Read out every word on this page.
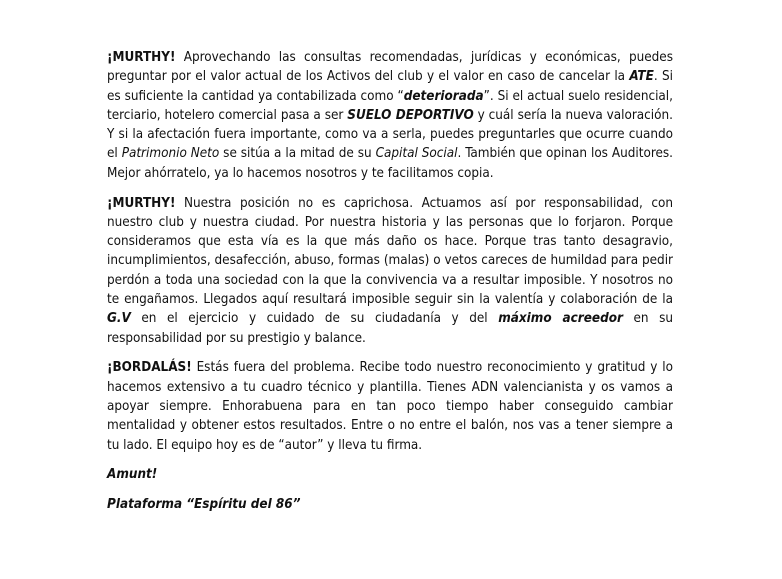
¡MURTHY! Aprovechando las consultas recomendadas, jurídicas y económicas, puedes preguntar por el valor actual de los Activos del club y el valor en caso de cancelar la ATE. Si es suficiente la cantidad ya contabilizada como “deteriorada”. Si el actual suelo residencial, terciario, hotelero comercial pasa a ser SUELO DEPORTIVO y cuál sería la nueva valoración. Y si la afectación fuera importante, como va a serla, puedes preguntarles que ocurre cuando el Patrimonio Neto se sitúa a la mitad de su Capital Social. También que opinan los Auditores. Mejor ahórratelo, ya lo hacemos nosotros y te facilitamos copia.

¡MURTHY! Nuestra posición no es caprichosa. Actuamos así por responsabilidad, con nuestro club y nuestra ciudad. Por nuestra historia y las personas que lo forjaron. Porque consideramos que esta vía es la que más daño os hace. Porque tras tanto desagravio, incumplimientos, desafección, abuso, formas (malas) o vetos careces de humildad para pedir perdón a toda una sociedad con la que la convivencia va a resultar imposible. Y nosotros no te engañamos. Llegados aquí resultará imposible seguir sin la valentía y colaboración de la G.V en el ejercicio y cuidado de su ciudadanía y del máximo acreedor en su responsabilidad por su prestigio y balance.

¡BORDALÁS! Estás fuera del problema. Recibe todo nuestro reconocimiento y gratitud y lo hacemos extensivo a tu cuadro técnico y plantilla. Tienes ADN valencianista y os vamos a apoyar siempre. Enhorabuena para en tan poco tiempo haber conseguido cambiar mentalidad y obtener estos resultados. Entre o no entre el balón, nos vas a tener siempre a tu lado. El equipo hoy es de “autor” y lleva tu firma.

Amunt!

Plataforma “Espíritu del 86”
